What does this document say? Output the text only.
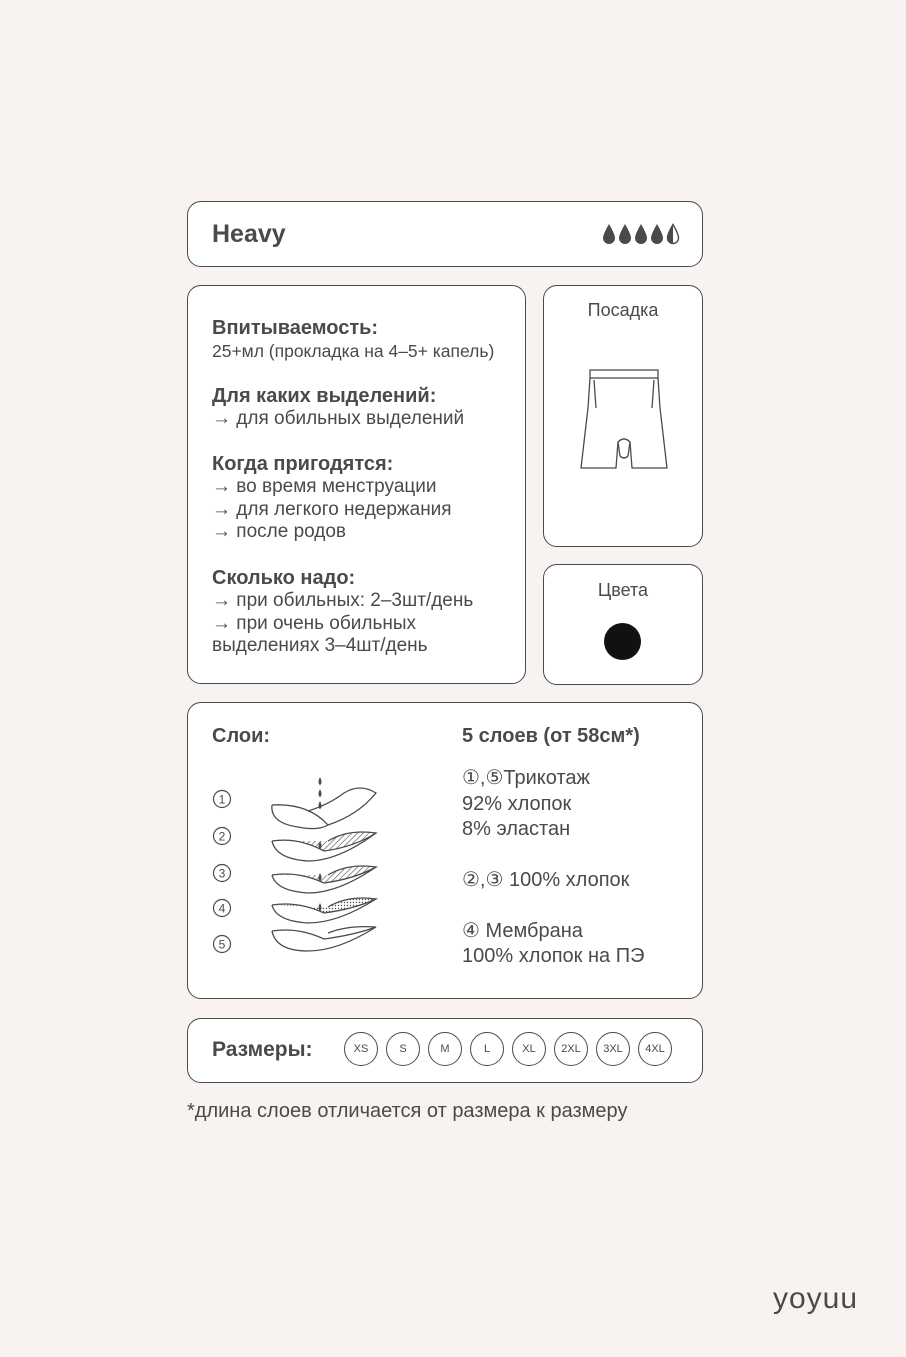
Heavy
Впитываемость:
25+мл (прокладка на 4–5+ капель)
Для каких выделений:
→ для обильных выделений
Когда пригодятся:
→ во время менструации
→ для легкого недержания
→ после родов
Сколько надо:
→ при обильных: 2–3шт/день
→ при очень обильных
выделениях 3–4шт/день
Посадка
Цвета
Слои:	5 слоев (от 58см*)
1
2
3
4
5
①,⑤Трикотаж
92% хлопок
8% эластан
②,③ 100% хлопок
④ Мембрана
100% хлопок на ПЭ
Размеры:	XS	S	M	L	XL	2XL	3XL	4XL
*длина слоев отличается от размера к размеру
yoyuu
